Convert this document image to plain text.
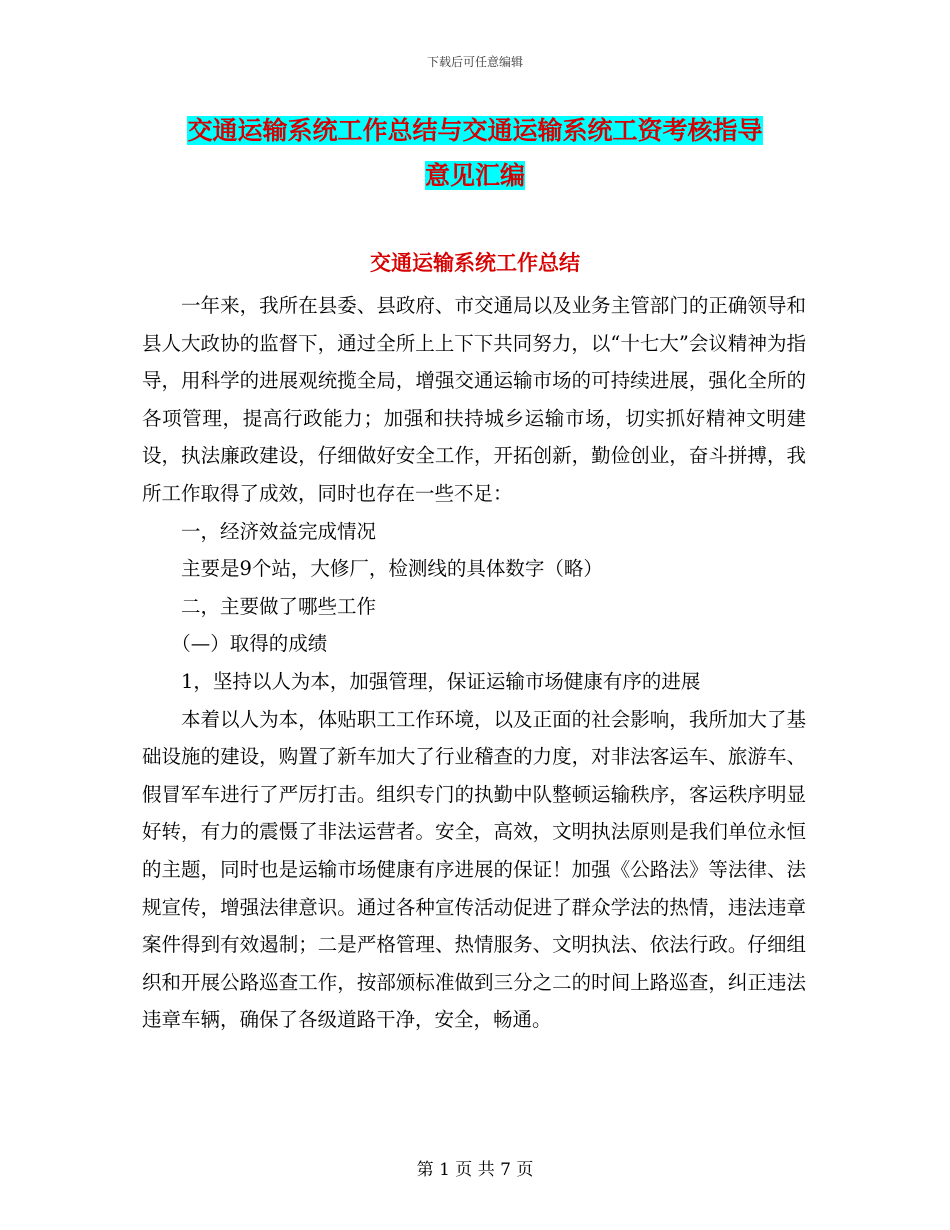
下载后可任意编辑
交通运输系统工作总结与交通运输系统工资考核指导
意见汇编
交通运输系统工作总结

一年来，我所在县委、县政府、市交通局以及业务主管部门的正确领导和县人大政协的监督下，通过全所上上下下共同努力，以“十七大”会议精神为指导，用科学的进展观统揽全局，增强交通运输市场的可持续进展，强化全所的各项管理，提高行政能力；加强和扶持城乡运输市场，切实抓好精神文明建设，执法廉政建设，仔细做好安全工作，开拓创新，勤俭创业，奋斗拼搏，我所工作取得了成效，同时也存在一些不足：

一，经济效益完成情况

主要是9个站，大修厂，检测线的具体数字（略）

二，主要做了哪些工作

（—）取得的成绩

1，坚持以人为本，加强管理，保证运输市场健康有序的进展

本着以人为本，体贴职工工作环境，以及正面的社会影响，我所加大了基础设施的建设，购置了新车加大了行业稽查的力度，对非法客运车、旅游车、假冒军车进行了严厉打击。组织专门的执勤中队整顿运输秩序，客运秩序明显好转，有力的震慑了非法运营者。安全，高效，文明执法原则是我们单位永恒的主题，同时也是运输市场健康有序进展的保证！加强《公路法》等法律、法规宣传，增强法律意识。通过各种宣传活动促进了群众学法的热情，违法违章案件得到有效遏制；二是严格管理、热情服务、文明执法、依法行政。仔细组织和开展公路巡查工作，按部颁标准做到三分之二的时间上路巡查，纠正违法违章车辆，确保了各级道路干净，安全，畅通。

第 1 页 共 7 页
